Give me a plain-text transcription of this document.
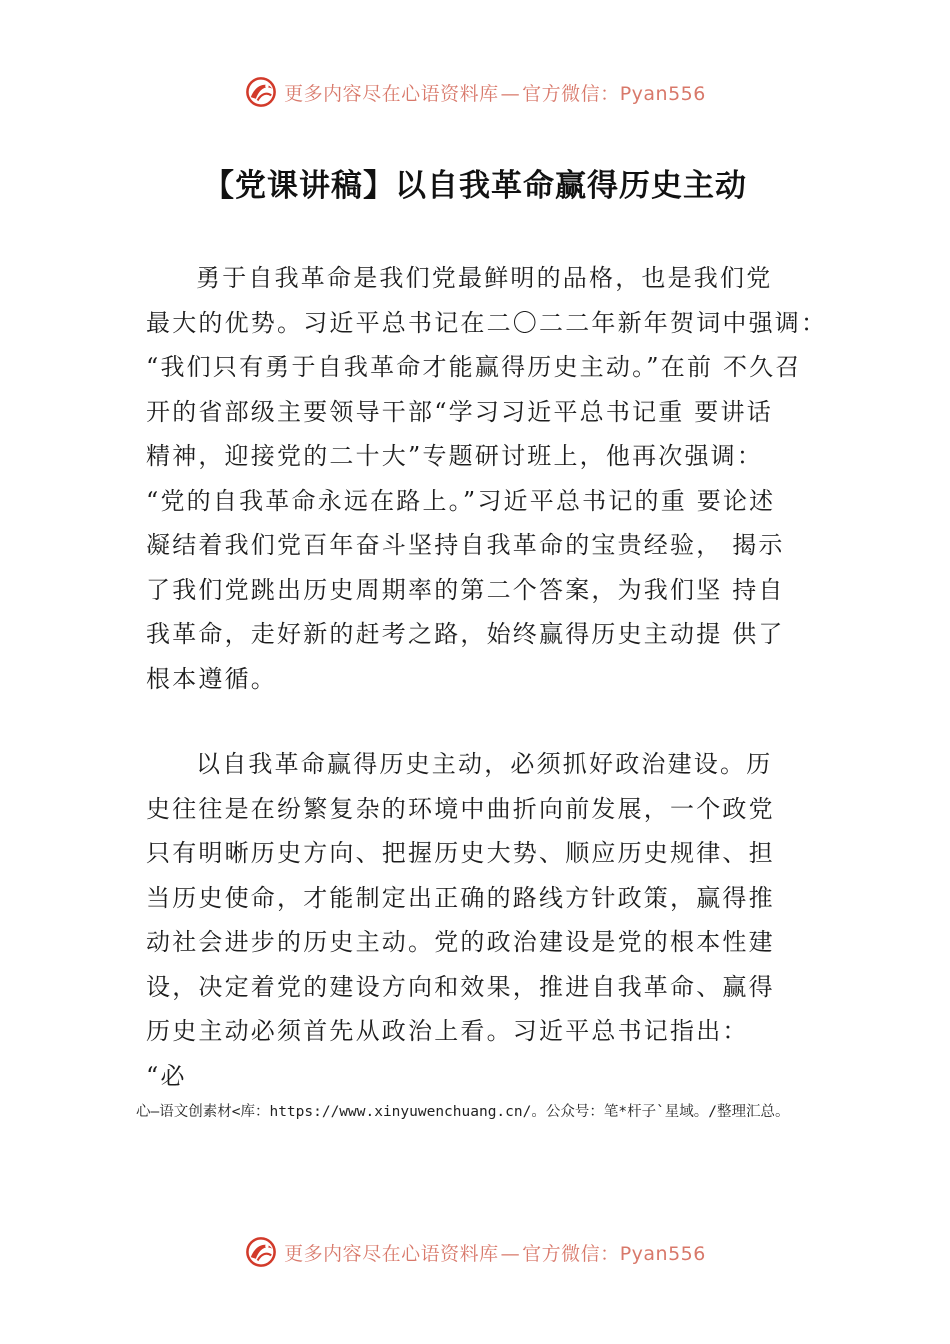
更多内容尽在心语资料库 — 官方微信：Pyan556
【党课讲稿】以自我革命赢得历史主动
勇于自我革命是我们党最鲜明的品格，也是我们党
最大的优势。习近平总书记在二〇二二年新年贺词中强调：
“我们只有勇于自我革命才能赢得历史主动。”在前 不久召
开的省部级主要领导干部“学习习近平总书记重 要讲话
精神，迎接党的二十大”专题研讨班上，他再次强调：
“党的自我革命永远在路上。”习近平总书记的重 要论述
凝结着我们党百年奋斗坚持自我革命的宝贵经验， 揭示
了我们党跳出历史周期率的第二个答案，为我们坚 持自
我革命，走好新的赶考之路，始终赢得历史主动提 供了
根本遵循。
以自我革命赢得历史主动，必须抓好政治建设。历
史往往是在纷繁复杂的环境中曲折向前发展，一个政党
只有明晰历史方向、把握历史大势、顺应历史规律、担
当历史使命，才能制定出正确的路线方针政策，赢得推
动社会进步的历史主动。党的政治建设是党的根本性建
设，决定着党的建设方向和效果，推进自我革命、赢得
历史主动必须首先从政治上看。习近平总书记指出：
“必
心—语文创素材<库：https://www.xinyuwenchuang.cn/。公众号：笔*杆子`星域。/整理汇总。
更多内容尽在心语资料库 — 官方微信：Pyan556
